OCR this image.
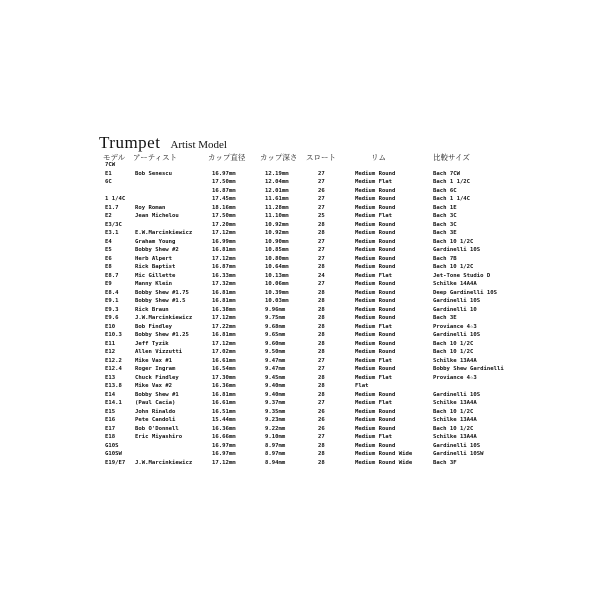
Trumpet Artist Model
モデル アーティスト	カップ直径 カップ深さ スロート	リム	比較サイズ
7CW
E1	Bob Senescu	16.97mm	12.19mm	27	Medium Round	Bach 7CW
6C	17.50mm	12.04mm	27	Medium Flat	Bach 1 1/2C
16.87mm	12.01mm	26	Medium Round	Bach 6C
1 1/4C	17.45mm	11.61mm	27	Medium Round	Bach 1 1/4C
E1.7	Roy Roman	18.16mm	11.28mm	27	Medium Round	Bach 1E
E2	Jean Michelou	17.50mm	11.10mm	25	Medium Flat	Bach 3C
E3/3C	17.20mm	10.92mm	28	Medium Round	Bach 3C
E3.1	E.W.Marcinkiewicz	17.12mm	10.92mm	28	Medium Round	Bach 3E
E4	Graham Young	16.99mm	10.90mm	27	Medium Round	Bach 10 1/2C
E5	Bobby Shew #2	16.81mm	10.85mm	27	Medium Round	Gardinelli 10S
E6	Herb Alpert	17.12mm	10.80mm	27	Medium Round	Bach 7B
E8	Rick Baptist	16.87mm	10.64mm	28	Medium Round	Bach 10 1/2C
E8.7	Mic Gillette	16.33mm	10.13mm	24	Medium Flat	Jet-Tone Studio D
E9	Manny Klein	17.32mm	10.06mm	27	Medium Round	Schilke 14A4A
E8.4	Bobby Shew #1.75	16.81mm	10.39mm	28	Medium Round	Deep Gardinelli 10S
E9.1	Bobby Shew #1.5	16.81mm	10.03mm	28	Medium Round	Gardinelli 10S
E9.3	Rick Braun	16.38mm	9.96mm	28	Medium Round	Gardinelli 10
E9.6	J.W.Marcinkiewicz	17.12mm	9.75mm	28	Medium Round	Bach 3E
E10	Bob Findley	17.22mm	9.68mm	28	Medium Flat	Proviance 4☆3
E10.3 Bobby Shew #1.25	16.81mm	9.65mm	28	Medium Round	Gardinelli 10S
E11	Jeff Tyzik	17.12mm	9.60mm	28	Medium Round	Bach 10 1/2C
E12	Allen Vizzutti	17.02mm	9.50mm	28	Medium Round	Bach 10 1/2C
E12.2 Mike Vax #1	16.61mm	9.47mm	27	Medium Flat	Schilke 13A4A
E12.4 Roger Ingram	16.54mm	9.47mm	27	Medium Round	Bobby Shew Gardinelli
E13	Chuck Findley	17.30mm	9.45mm	28	Medium Flat	Proviance 4☆3
E13.8 Mike Vax #2	16.36mm	9.40mm	28	Flat
E14	Bobby Shew #1	16.81mm	9.40mm	28	Medium Round	Gardinelli 10S
E14.1 (Paul Cacia)	16.61mm	9.37mm	27	Medium Flat	Schilke 13A4A
E15	John Rinaldo	16.51mm	9.35mm	26	Medium Round	Bach 10 1/2C
E16	Pete Candoli	15.44mm	9.23mm	26	Medium Round	Schilke 13A4A
E17	Bob O'Donnell	16.36mm	9.22mm	26	Medium Round	Bach 10 1/2C
E18	Eric Miyashiro	16.66mm	9.10mm	27	Medium Flat	Schilke 13A4A
G10S	16.97mm	8.97mm	28	Medium Round	Gardinelli 10S
G10SW	16.97mm	8.97mm	28	Medium Round Wide	Gardinelli 10SW
E19/E7 J.W.Marcinkiewicz	17.12mm	8.94mm	28	Medium Round Wide	Bach 3F
